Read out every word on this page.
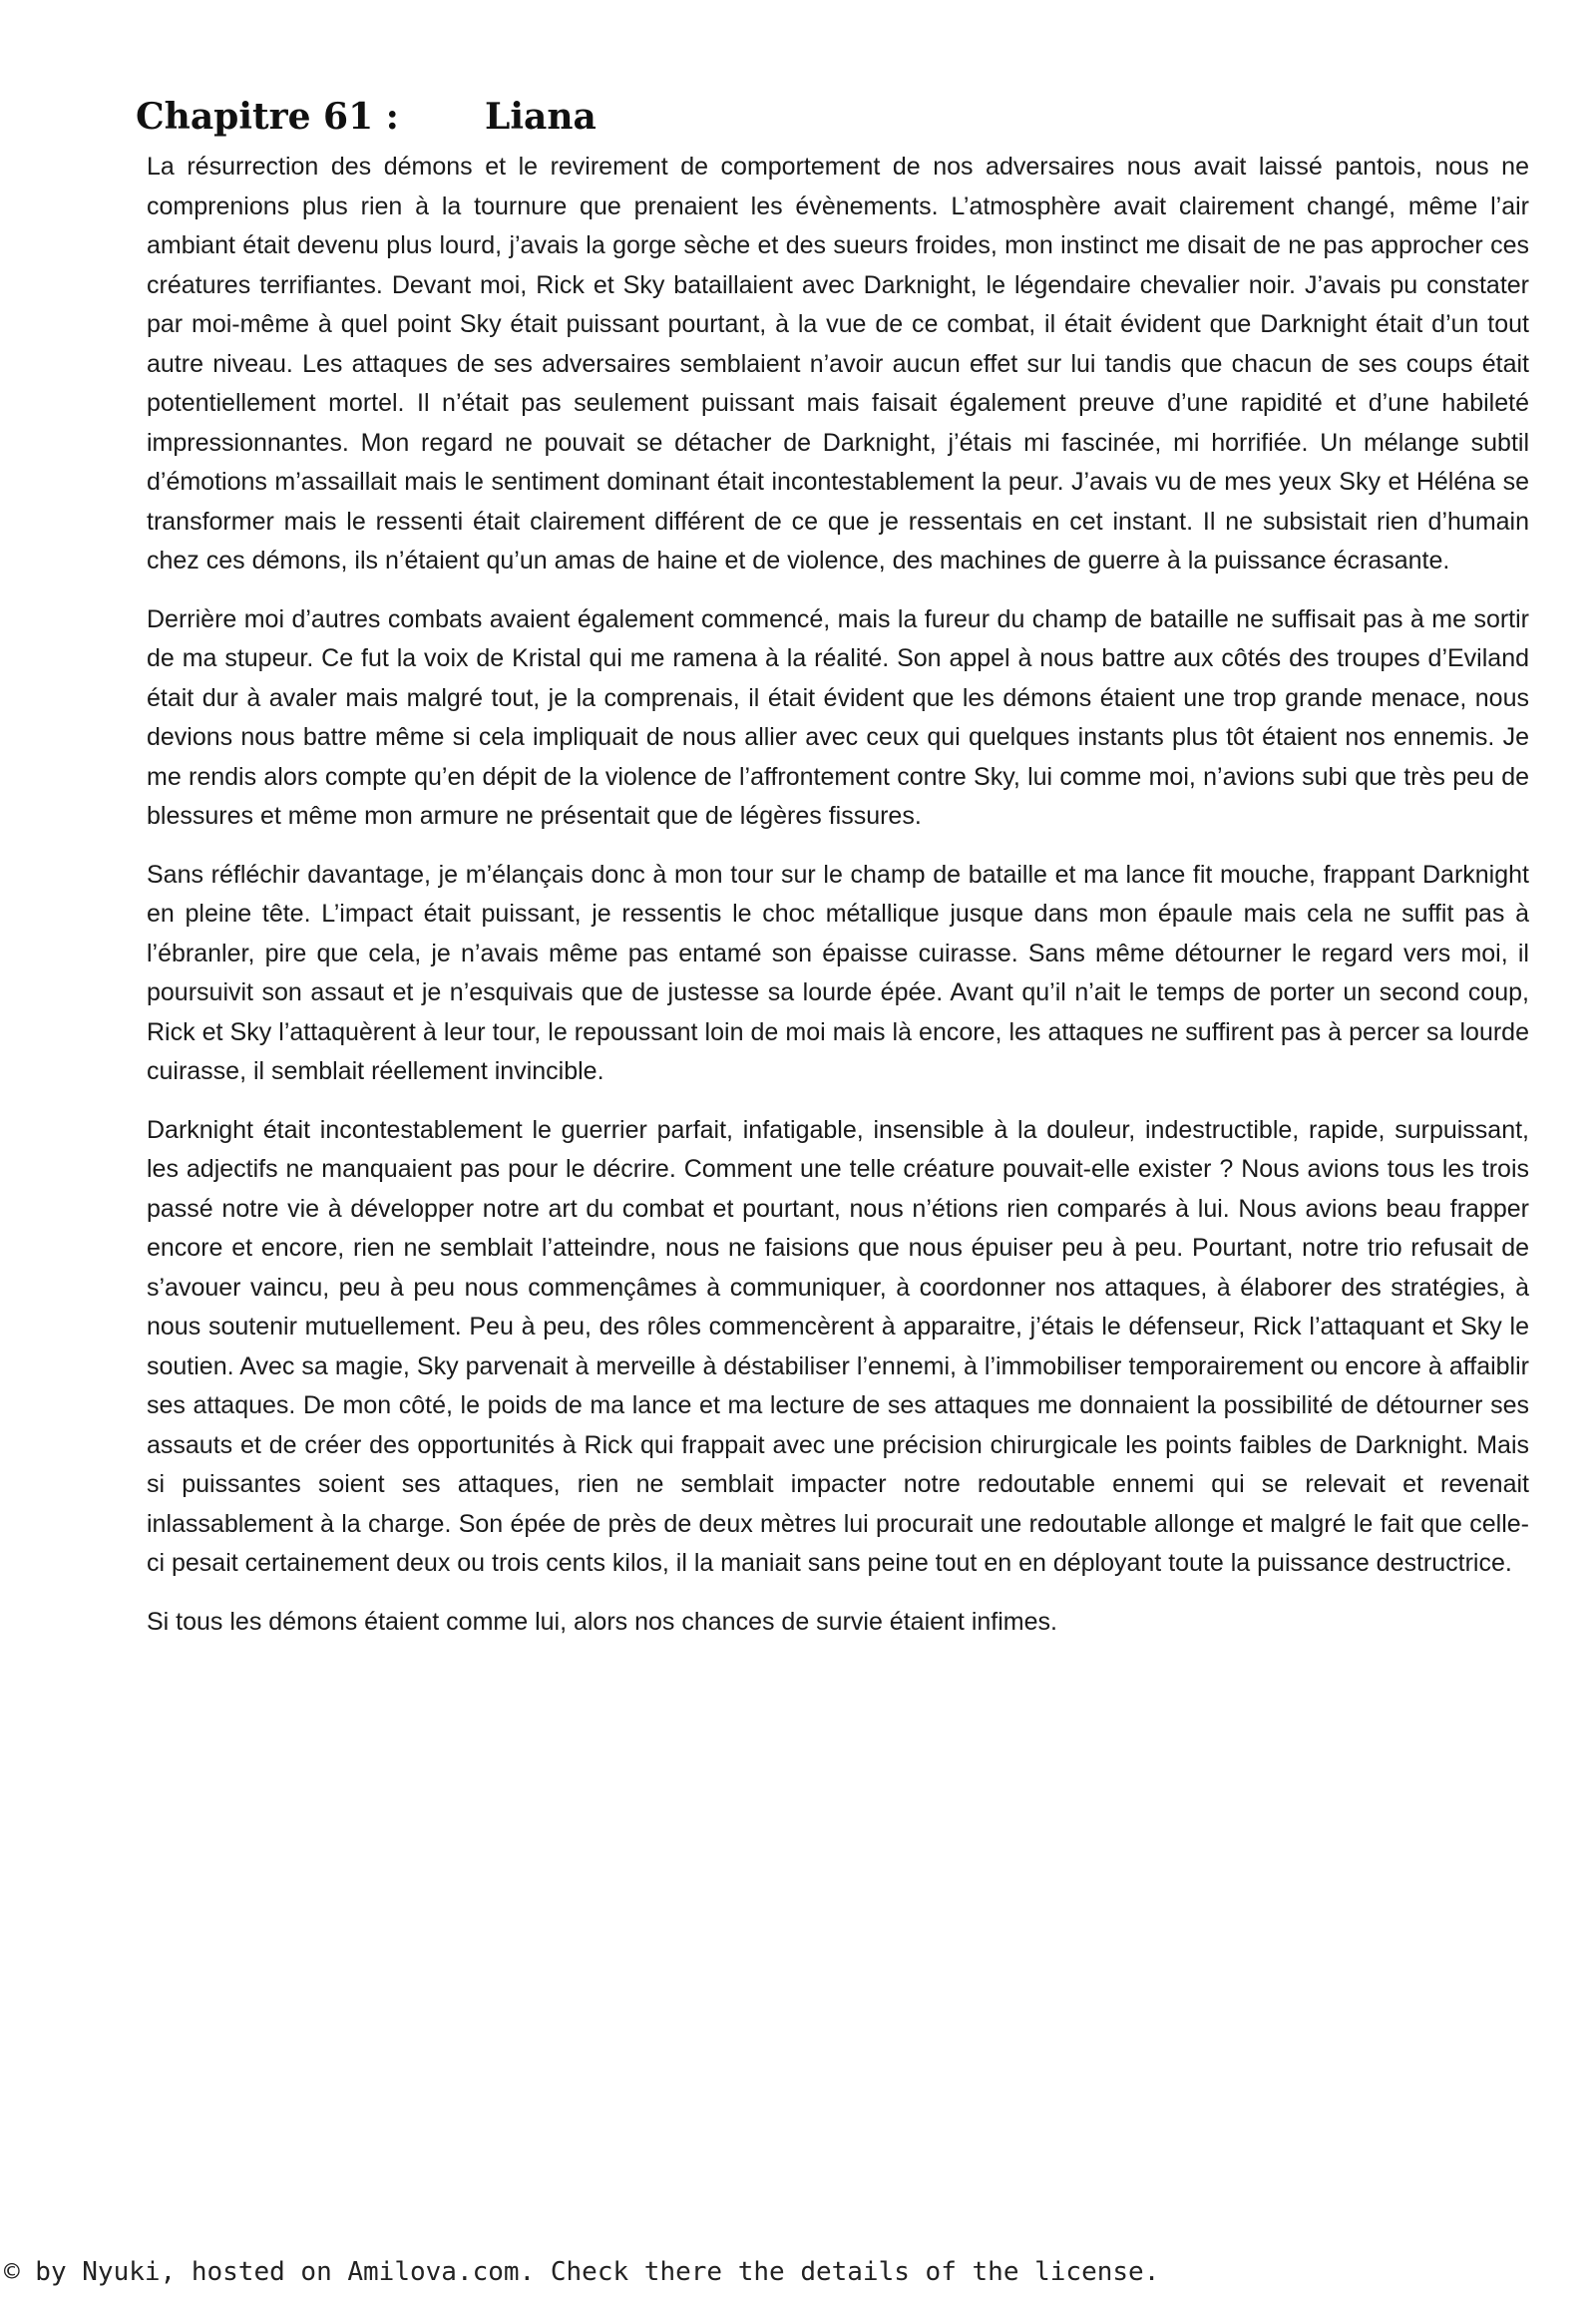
Chapitre 61 : Liana

La résurrection des démons et le revirement de comportement de nos adversaires nous avait laissé pantois, nous ne comprenions plus rien à la tournure que prenaient les évènements. L’atmosphère avait clairement changé, même l’air ambiant était devenu plus lourd, j’avais la gorge sèche et des sueurs froides, mon instinct me disait de ne pas approcher ces créatures terrifiantes. Devant moi, Rick et Sky bataillaient avec Darknight, le légendaire chevalier noir. J’avais pu constater par moi-même à quel point Sky était puissant pourtant, à la vue de ce combat, il était évident que Darknight était d’un tout autre niveau. Les attaques de ses adversaires semblaient n’avoir aucun effet sur lui tandis que chacun de ses coups était potentiellement mortel. Il n’était pas seulement puissant mais faisait également preuve d’une rapidité et d’une habileté impressionnantes. Mon regard ne pouvait se détacher de Darknight, j’étais mi fascinée, mi horrifiée. Un mélange subtil d’émotions m’assaillait mais le sentiment dominant était incontestablement la peur. J’avais vu de mes yeux Sky et Héléna se transformer mais le ressenti était clairement différent de ce que je ressentais en cet instant. Il ne subsistait rien d’humain chez ces démons, ils n’étaient qu’un amas de haine et de violence, des machines de guerre à la puissance écrasante.

Derrière moi d’autres combats avaient également commencé, mais la fureur du champ de bataille ne suffisait pas à me sortir de ma stupeur. Ce fut la voix de Kristal qui me ramena à la réalité. Son appel à nous battre aux côtés des troupes d’Eviland était dur à avaler mais malgré tout, je la comprenais, il était évident que les démons étaient une trop grande menace, nous devions nous battre même si cela impliquait de nous allier avec ceux qui quelques instants plus tôt étaient nos ennemis. Je me rendis alors compte qu’en dépit de la violence de l’affrontement contre Sky, lui comme moi, n’avions subi que très peu de blessures et même mon armure ne présentait que de légères fissures.

Sans réfléchir davantage, je m’élançais donc à mon tour sur le champ de bataille et ma lance fit mouche, frappant Darknight en pleine tête. L’impact était puissant, je ressentis le choc métallique jusque dans mon épaule mais cela ne suffit pas à l’ébranler, pire que cela, je n’avais même pas entamé son épaisse cuirasse. Sans même détourner le regard vers moi, il poursuivit son assaut et je n’esquivais que de justesse sa lourde épée. Avant qu’il n’ait le temps de porter un second coup, Rick et Sky l’attaquèrent à leur tour, le repoussant loin de moi mais là encore, les attaques ne suffirent pas à percer sa lourde cuirasse, il semblait réellement invincible.

Darknight était incontestablement le guerrier parfait, infatigable, insensible à la douleur, indestructible, rapide, surpuissant, les adjectifs ne manquaient pas pour le décrire. Comment une telle créature pouvait-elle exister ? Nous avions tous les trois passé notre vie à développer notre art du combat et pourtant, nous n’étions rien comparés à lui. Nous avions beau frapper encore et encore, rien ne semblait l’atteindre, nous ne faisions que nous épuiser peu à peu. Pourtant, notre trio refusait de s’avouer vaincu, peu à peu nous commençâmes à communiquer, à coordonner nos attaques, à élaborer des stratégies, à nous soutenir mutuellement. Peu à peu, des rôles commencèrent à apparaitre, j’étais le défenseur, Rick l’attaquant et Sky le soutien. Avec sa magie, Sky parvenait à merveille à déstabiliser l’ennemi, à l’immobiliser temporairement ou encore à affaiblir ses attaques. De mon côté, le poids de ma lance et ma lecture de ses attaques me donnaient la possibilité de détourner ses assauts et de créer des opportunités à Rick qui frappait avec une précision chirurgicale les points faibles de Darknight. Mais si puissantes soient ses attaques, rien ne semblait impacter notre redoutable ennemi qui se relevait et revenait inlassablement à la charge. Son épée de près de deux mètres lui procurait une redoutable allonge et malgré le fait que celle-ci pesait certainement deux ou trois cents kilos, il la maniait sans peine tout en en déployant toute la puissance destructrice.

Si tous les démons étaient comme lui, alors nos chances de survie étaient infimes.

© by Nyuki, hosted on Amilova.com. Check there the details of the license.
